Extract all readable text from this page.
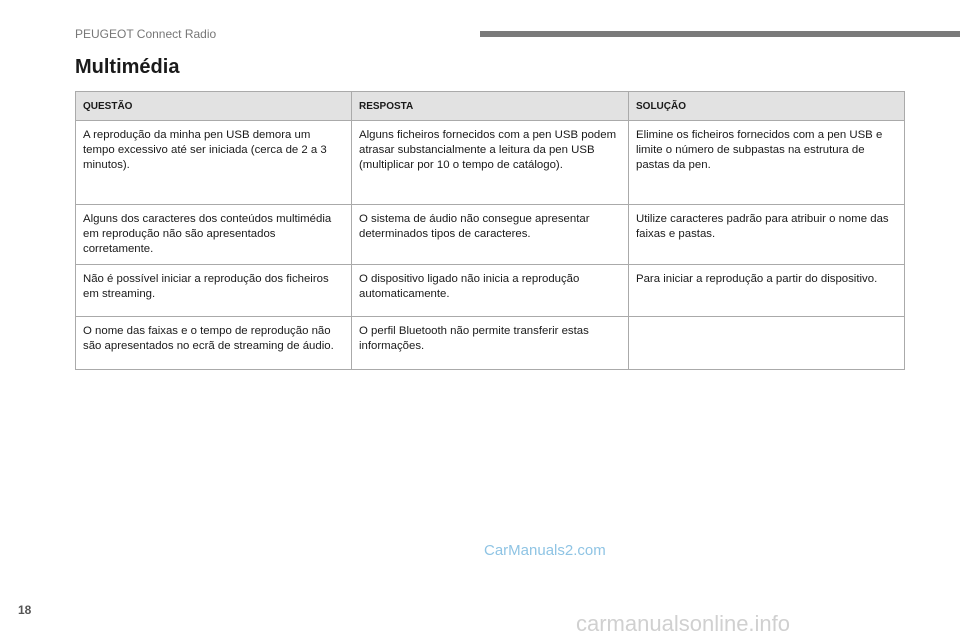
PEUGEOT Connect Radio
Multimédia
QUESTÃO	RESPOSTA	SOLUÇÃO
A reprodução da minha pen USB demora um tempo excessivo até ser iniciada (cerca de 2 a 3 minutos).	Alguns ficheiros fornecidos com a pen USB podem atrasar substancialmente a leitura da pen USB (multiplicar por 10 o tempo de catálogo).	Elimine os ficheiros fornecidos com a pen USB e limite o número de subpastas na estrutura de pastas da pen.
Alguns dos caracteres dos conteúdos multimédia em reprodução não são apresentados corretamente.	O sistema de áudio não consegue apresentar determinados tipos de caracteres.	Utilize caracteres padrão para atribuir o nome das faixas e pastas.
Não é possível iniciar a reprodução dos ficheiros em streaming.	O dispositivo ligado não inicia a reprodução automaticamente.	Para iniciar a reprodução a partir do dispositivo.
O nome das faixas e o tempo de reprodução não são apresentados no ecrã de streaming de áudio.	O perfil Bluetooth não permite transferir estas informações.	
CarManuals2.com
18
carmanualsonline.info
